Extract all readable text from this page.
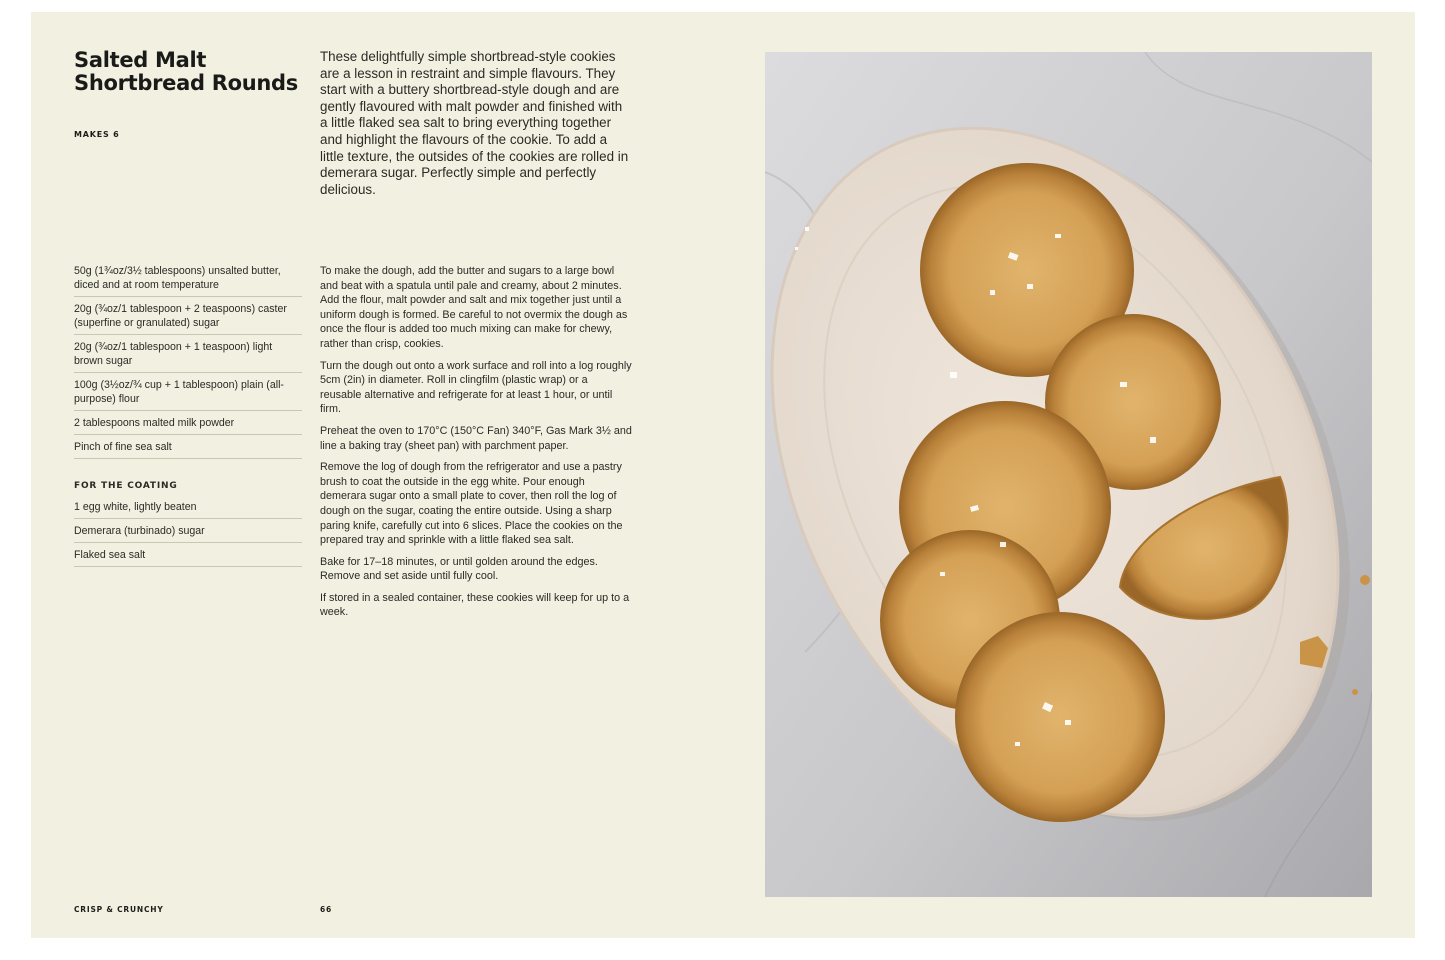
Salted Malt Shortbread Rounds
MAKES 6
These delightfully simple shortbread-style cookies are a lesson in restraint and simple flavours. They start with a buttery shortbread-style dough and are gently flavoured with malt powder and finished with a little flaked sea salt to bring everything together and highlight the flavours of the cookie. To add a little texture, the outsides of the cookies are rolled in demerara sugar. Perfectly simple and perfectly delicious.
50g (1¾oz/3½ tablespoons) unsalted butter, diced and at room temperature
20g (¾oz/1 tablespoon + 2 teaspoons) caster (superfine or granulated) sugar
20g (¾oz/1 tablespoon + 1 teaspoon) light brown sugar
100g (3½oz/¾ cup + 1 tablespoon) plain (all-purpose) flour
2 tablespoons malted milk powder
Pinch of fine sea salt
FOR THE COATING
1 egg white, lightly beaten
Demerara (turbinado) sugar
Flaked sea salt

To make the dough, add the butter and sugars to a large bowl and beat with a spatula until pale and creamy, about 2 minutes. Add the flour, malt powder and salt and mix together just until a uniform dough is formed. Be careful to not overmix the dough as once the flour is added too much mixing can make for chewy, rather than crisp, cookies.

Turn the dough out onto a work surface and roll into a log roughly 5cm (2in) in diameter. Roll in clingfilm (plastic wrap) or a reusable alternative and refrigerate for at least 1 hour, or until firm.

Preheat the oven to 170°C (150°C Fan) 340°F, Gas Mark 3½ and line a baking tray (sheet pan) with parchment paper.

Remove the log of dough from the refrigerator and use a pastry brush to coat the outside in the egg white. Pour enough demerara sugar onto a small plate to cover, then roll the log of dough on the sugar, coating the entire outside. Using a sharp paring knife, carefully cut into 6 slices. Place the cookies on the prepared tray and sprinkle with a little flaked sea salt.

Bake for 17–18 minutes, or until golden around the edges. Remove and set aside until fully cool.

If stored in a sealed container, these cookies will keep for up to a week.

CRISP & CRUNCHY	66
